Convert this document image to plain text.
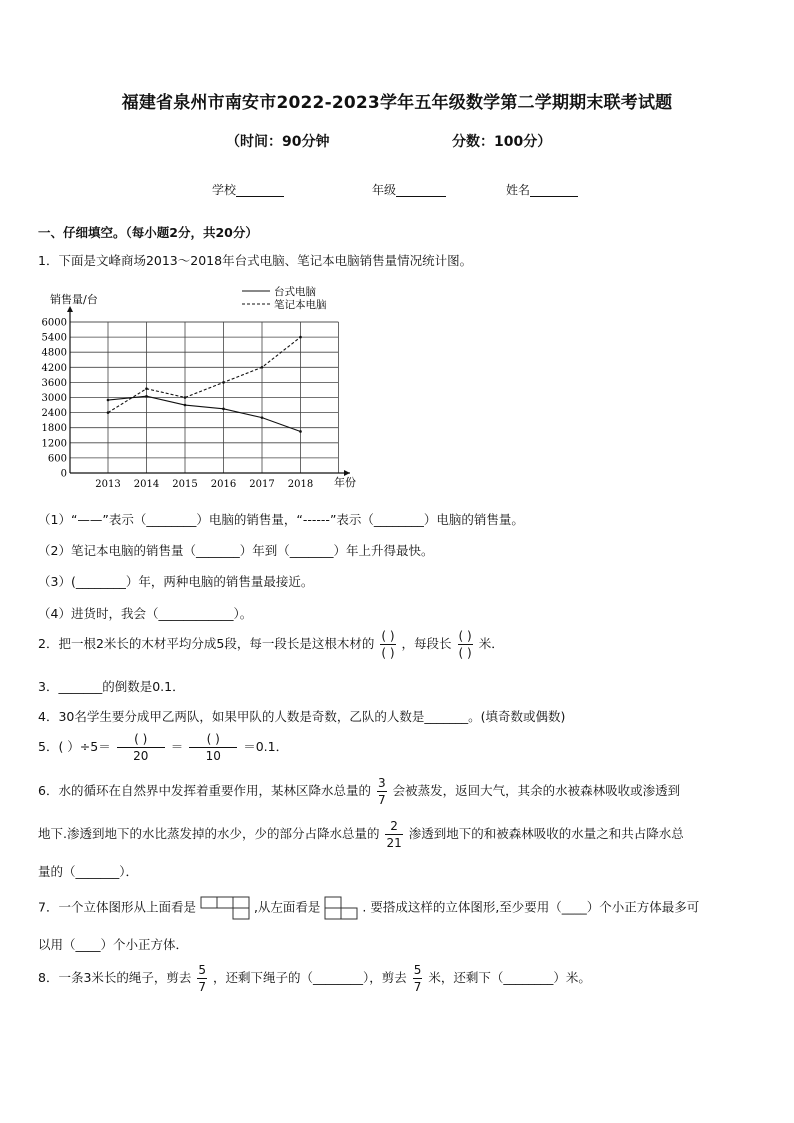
福建省泉州市南安市2022-2023学年五年级数学第二学期期末联考试题
（时间：90分钟	分数：100分）
学校	年级	姓名
一、仔细填空。（每小题2分，共20分）
1．下面是文峰商场2013～2018年台式电脑、笔记本电脑销售量情况统计图。
0
600
1200
1800
2400
3000
3600
4200
4800
5400
6000
2013 2014 2015 2016 2017 2018
台式电脑
笔记本电脑
销售量/台
年份
（1）“——”表示（________）电脑的销售量，“------”表示（________）电脑的销售量。
（2）笔记本电脑的销售量（_______）年到（_______）年上升得最快。
（3）(________）年，两种电脑的销售量最接近。
（4）进货时，我会（____________）。
2．把一根2米长的木材平均分成5段，每一段长是这根木材的 $\frac{( )}{( )}$ ，每段长 $\frac{( )}{( )}$ 米．
3．_______的倒数是0.1．
4．30名学生要分成甲乙两队，如果甲队的人数是奇数，乙队的人数是_______。(填奇数或偶数)
5．( ）$\div 5= \frac{( )}{20} = \frac{( )}{10} =0.1$．
6．水的循环在自然界中发挥着重要作用，某林区降水总量的 $\frac{3}{7}$ 会被蒸发，返回大气，其余的水被森林吸收或渗透到
地下.渗透到地下的水比蒸发掉的水少，少的部分占降水总量的 $\frac{2}{21}$ 渗透到地下的和被森林吸收的水量之和共占降水总
量的（_______）．
7．一个立体图形从上面看是	,从左面看是	. 要搭成这样的立体图形,至少要用（____）个小正方体最多可
以用（____）个小正方体．
8．一条3米长的绳子，剪去 $\frac{5}{7}$ ，还剩下绳子的（________），剪去 $\frac{5}{7}$ 米，还剩下（________）米。
